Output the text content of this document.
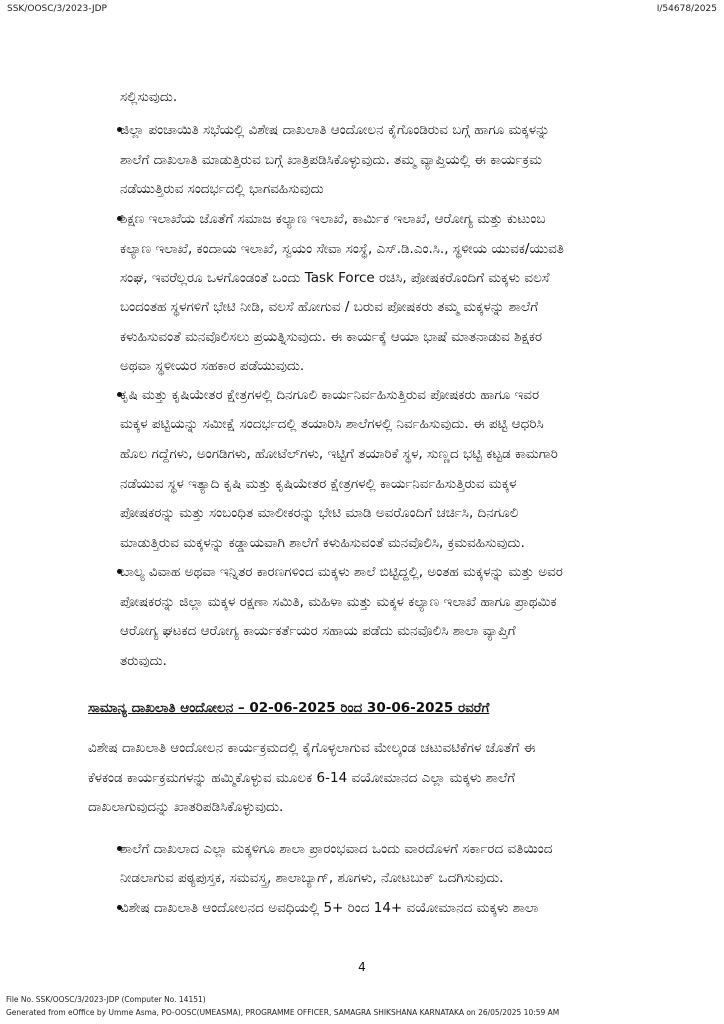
SSK/OOSC/3/2023-JDP	I/54678/2025
ಸಲ್ಲಿಸುವುದು.
ಜಿಲ್ಲಾ ಪಂಚಾಯಿತಿ ಸಭೆಯಲ್ಲಿ ವಿಶೇಷ ದಾಖಲಾತಿ ಆಂದೋಲನ ಕೈಗೊಂಡಿರುವ ಬಗ್ಗೆ ಹಾಗೂ ಮಕ್ಕಳನ್ನು
ಶಾಲೆಗೆ ದಾಖಲಾತಿ ಮಾಡುತ್ತಿರುವ ಬಗ್ಗೆ ಖಾತ್ರಿಪಡಿಸಿಕೊಳ್ಳುವುದು. ತಮ್ಮ ವ್ಯಾಪ್ತಿಯಲ್ಲಿ ಈ ಕಾರ್ಯಕ್ರಮ
ನಡೆಯುತ್ತಿರುವ ಸಂದರ್ಭದಲ್ಲಿ ಭಾಗವಹಿಸುವುದು
ಶಿಕ್ಷಣ ಇಲಾಖೆಯ ಜೊತೆಗೆ ಸಮಾಜ ಕಲ್ಯಾಣ ಇಲಾಖೆ, ಕಾರ್ಮಿಕ ಇಲಾಖೆ, ಆರೋಗ್ಯ ಮತ್ತು ಕುಟುಂಬ
ಕಲ್ಯಾಣ ಇಲಾಖೆ, ಕಂದಾಯ ಇಲಾಖೆ, ಸ್ವಯಂ ಸೇವಾ ಸಂಸ್ಥೆ, ಎಸ್.ಡಿ.ಎಂ.ಸಿ., ಸ್ಥಳೀಯ ಯುವಕ/ಯುವತಿ
ಸಂಘ, ಇವರೆಲ್ಲರೂ ಒಳಗೊಂಡಂತೆ ಒಂದು Task Force ರಚಿಸಿ, ಪೋಷಕರೊಂದಿಗೆ ಮಕ್ಕಳು ವಲಸೆ
ಬಂದಂತಹ ಸ್ಥಳಗಳಿಗೆ ಭೇಟಿ ನೀಡಿ, ವಲಸೆ ಹೋಗುವ / ಬರುವ ಪೋಷಕರು ತಮ್ಮ ಮಕ್ಕಳನ್ನು ಶಾಲೆಗೆ
ಕಳುಹಿಸುವಂತೆ ಮನವೊಲಿಸಲು ಪ್ರಯತ್ನಿಸುವುದು. ಈ ಕಾರ್ಯಕ್ಕೆ ಆಯಾ ಭಾಷೆ ಮಾತನಾಡುವ ಶಿಕ್ಷಕರ
ಅಥವಾ ಸ್ಥಳೀಯರ ಸಹಕಾರ ಪಡೆಯುವುದು.
ಕೃಷಿ ಮತ್ತು ಕೃಷಿಯೇತರ ಕ್ಷೇತ್ರಗಳಲ್ಲಿ ದಿನಗೂಲಿ ಕಾರ್ಯನಿರ್ವಹಿಸುತ್ತಿರುವ ಪೋಷಕರು ಹಾಗೂ ಇವರ
ಮಕ್ಕಳ ಪಟ್ಟಿಯನ್ನು ಸಮೀಕ್ಷೆ ಸಂದರ್ಭದಲ್ಲಿ ತಯಾರಿಸಿ ಶಾಲೆಗಳಲ್ಲಿ ನಿರ್ವಹಿಸುವುದು. ಈ ಪಟ್ಟಿ ಆಧರಿಸಿ
ಹೊಲ ಗದ್ದೆಗಳು, ಅಂಗಡಿಗಳು, ಹೋಟೆಲ್‌ಗಳು, ಇಟ್ಟಿಗೆ ತಯಾರಿಕೆ ಸ್ಥಳ, ಸುಣ್ಣದ ಭಟ್ಟಿ ಕಟ್ಟಡ ಕಾಮಗಾರಿ
ನಡೆಯುವ ಸ್ಥಳ ಇತ್ಯಾದಿ ಕೃಷಿ ಮತ್ತು ಕೃಷಿಯೇತರ ಕ್ಷೇತ್ರಗಳಲ್ಲಿ ಕಾರ್ಯನಿರ್ವಹಿಸುತ್ತಿರುವ ಮಕ್ಕಳ
ಪೋಷಕರನ್ನು ಮತ್ತು ಸಂಬಂಧಿತ ಮಾಲೀಕರನ್ನು ಭೇಟಿ ಮಾಡಿ ಅವರೊಂದಿಗೆ ಚರ್ಚಿಸಿ, ದಿನಗೂಲಿ
ಮಾಡುತ್ತಿರುವ ಮಕ್ಕಳನ್ನು ಕಡ್ಡಾಯವಾಗಿ ಶಾಲೆಗೆ ಕಳುಹಿಸುವಂತೆ ಮನವೊಲಿಸಿ, ಕ್ರಮವಹಿಸುವುದು.
ಬಾಲ್ಯ ವಿವಾಹ ಅಥವಾ ಇನ್ನಿತರ ಕಾರಣಗಳಿಂದ ಮಕ್ಕಳು ಶಾಲೆ ಬಿಟ್ಟಿದ್ದಲ್ಲಿ, ಅಂತಹ ಮಕ್ಕಳನ್ನು ಮತ್ತು ಅವರ
ಪೋಷಕರನ್ನು ಜಿಲ್ಲಾ ಮಕ್ಕಳ ರಕ್ಷಣಾ ಸಮಿತಿ, ಮಹಿಳಾ ಮತ್ತು ಮಕ್ಕಳ ಕಲ್ಯಾಣ ಇಲಾಖೆ ಹಾಗೂ ಪ್ರಾಥಮಿಕ
ಆರೋಗ್ಯ ಘಟಕದ ಆರೋಗ್ಯ ಕಾರ್ಯಕರ್ತೆಯರ ಸಹಾಯ ಪಡೆದು ಮನವೊಲಿಸಿ ಶಾಲಾ ವ್ಯಾಪ್ತಿಗೆ
ತರುವುದು.
ಸಾಮಾನ್ಯ ದಾಖಲಾತಿ ಆಂದೋಲನ – 02-06-2025 ರಿಂದ 30-06-2025 ರವರೆಗೆ
ವಿಶೇಷ ದಾಖಲಾತಿ ಆಂದೋಲನ ಕಾರ್ಯಕ್ರಮದಲ್ಲಿ ಕೈಗೊಳ್ಳಲಾಗುವ ಮೇಲ್ಕಂಡ ಚಟುವಟಿಕೆಗಳ ಜೊತೆಗೆ ಈ
ಕೆಳಕಂಡ ಕಾರ್ಯಕ್ರಮಗಳನ್ನು ಹಮ್ಮಿಕೊಳ್ಳುವ ಮೂಲಕ 6-14 ವಯೋಮಾನದ ಎಲ್ಲಾ ಮಕ್ಕಳು ಶಾಲೆಗೆ
ದಾಖಲಾಗುವುದನ್ನು ಖಾತರಿಪಡಿಸಿಕೊಳ್ಳುವುದು.
ಶಾಲೆಗೆ ದಾಖಲಾದ ಎಲ್ಲಾ ಮಕ್ಕಳಿಗೂ ಶಾಲಾ ಪ್ರಾರಂಭವಾದ ಒಂದು ವಾರದೊಳಗೆ ಸರ್ಕಾರದ ವತಿಯಿಂದ
ನೀಡಲಾಗುವ ಪಠ್ಯಪುಸ್ತಕ, ಸಮವಸ್ತ್ರ, ಶಾಲಾಬ್ಯಾಗ್, ಶೂಗಳು, ನೋಟಬುಕ್ ಒದಗಿಸುವುದು.
ವಿಶೇಷ ದಾಖಲಾತಿ ಆಂದೋಲನದ ಅವಧಿಯಲ್ಲಿ 5+ ರಿಂದ 14+ ವಯೋಮಾನದ ಮಕ್ಕಳು ಶಾಲಾ
4
File No. SSK/OOSC/3/2023-JDP (Computer No. 14151)
Generated from eOffice by Umme Asma, PO-OOSC(UMEASMA), PROGRAMME OFFICER, SAMAGRA SHIKSHANA KARNATAKA on 26/05/2025 10:59 AM
